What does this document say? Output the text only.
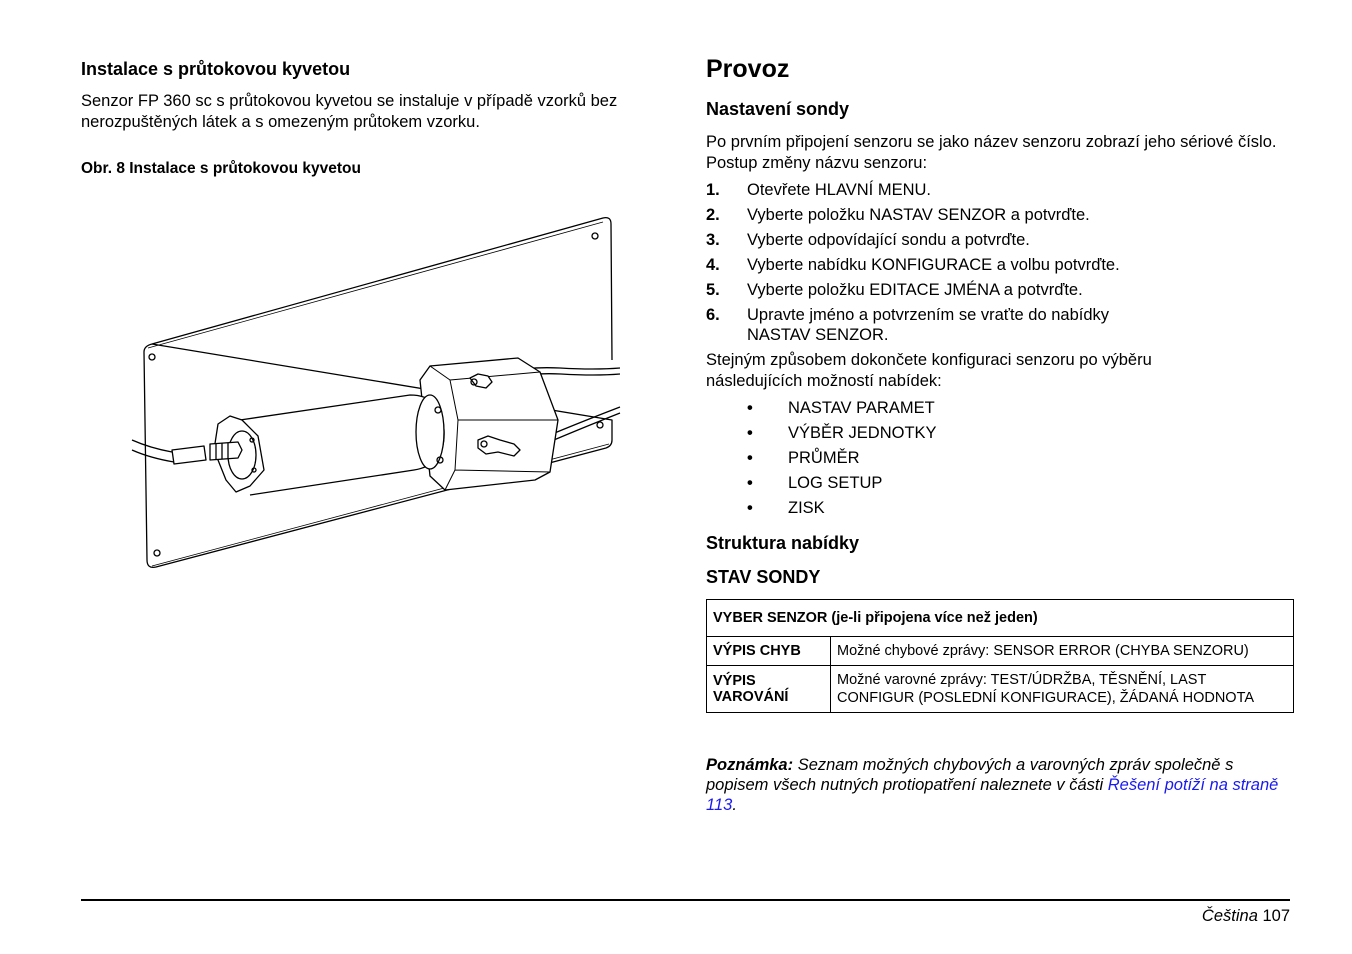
Instalace s průtokovou kyvetou
Senzor FP 360 sc s průtokovou kyvetou se instaluje v případě vzorků bez nerozpuštěných látek a s omezeným průtokem vzorku.
Obr. 8 Instalace s průtokovou kyvetou
Provoz
Nastavení sondy
Po prvním připojení senzoru se jako název senzoru zobrazí jeho sériové číslo. Postup změny názvu senzoru:
1. Otevřete HLAVNÍ MENU.
2. Vyberte položku NASTAV SENZOR a potvrďte.
3. Vyberte odpovídající sondu a potvrďte.
4. Vyberte nabídku KONFIGURACE a volbu potvrďte.
5. Vyberte položku EDITACE JMÉNA a potvrďte.
6. Upravte jméno a potvrzením se vraťte do nabídky NASTAV SENZOR.
Stejným způsobem dokončete konfiguraci senzoru po výběru následujících možností nabídek:
• NASTAV PARAMET
• VÝBĚR JEDNOTKY
• PRŮMĚR
• LOG SETUP
• ZISK
Struktura nabídky
STAV SONDY
VYBER SENZOR (je-li připojena více než jeden)	
VÝPIS CHYB	Možné chybové zprávy: SENSOR ERROR (CHYBA SENZORU)
VÝPIS VAROVÁNÍ	Možné varovné zprávy: TEST/ÚDRŽBA, TĚSNĚNÍ, LAST CONFIGUR (POSLEDNÍ KONFIGURACE), ŽÁDANÁ HODNOTA
Poznámka: Seznam možných chybových a varovných zpráv společně s popisem všech nutných protiopatření naleznete v části Řešení potíží na straně 113.
Čeština 107
